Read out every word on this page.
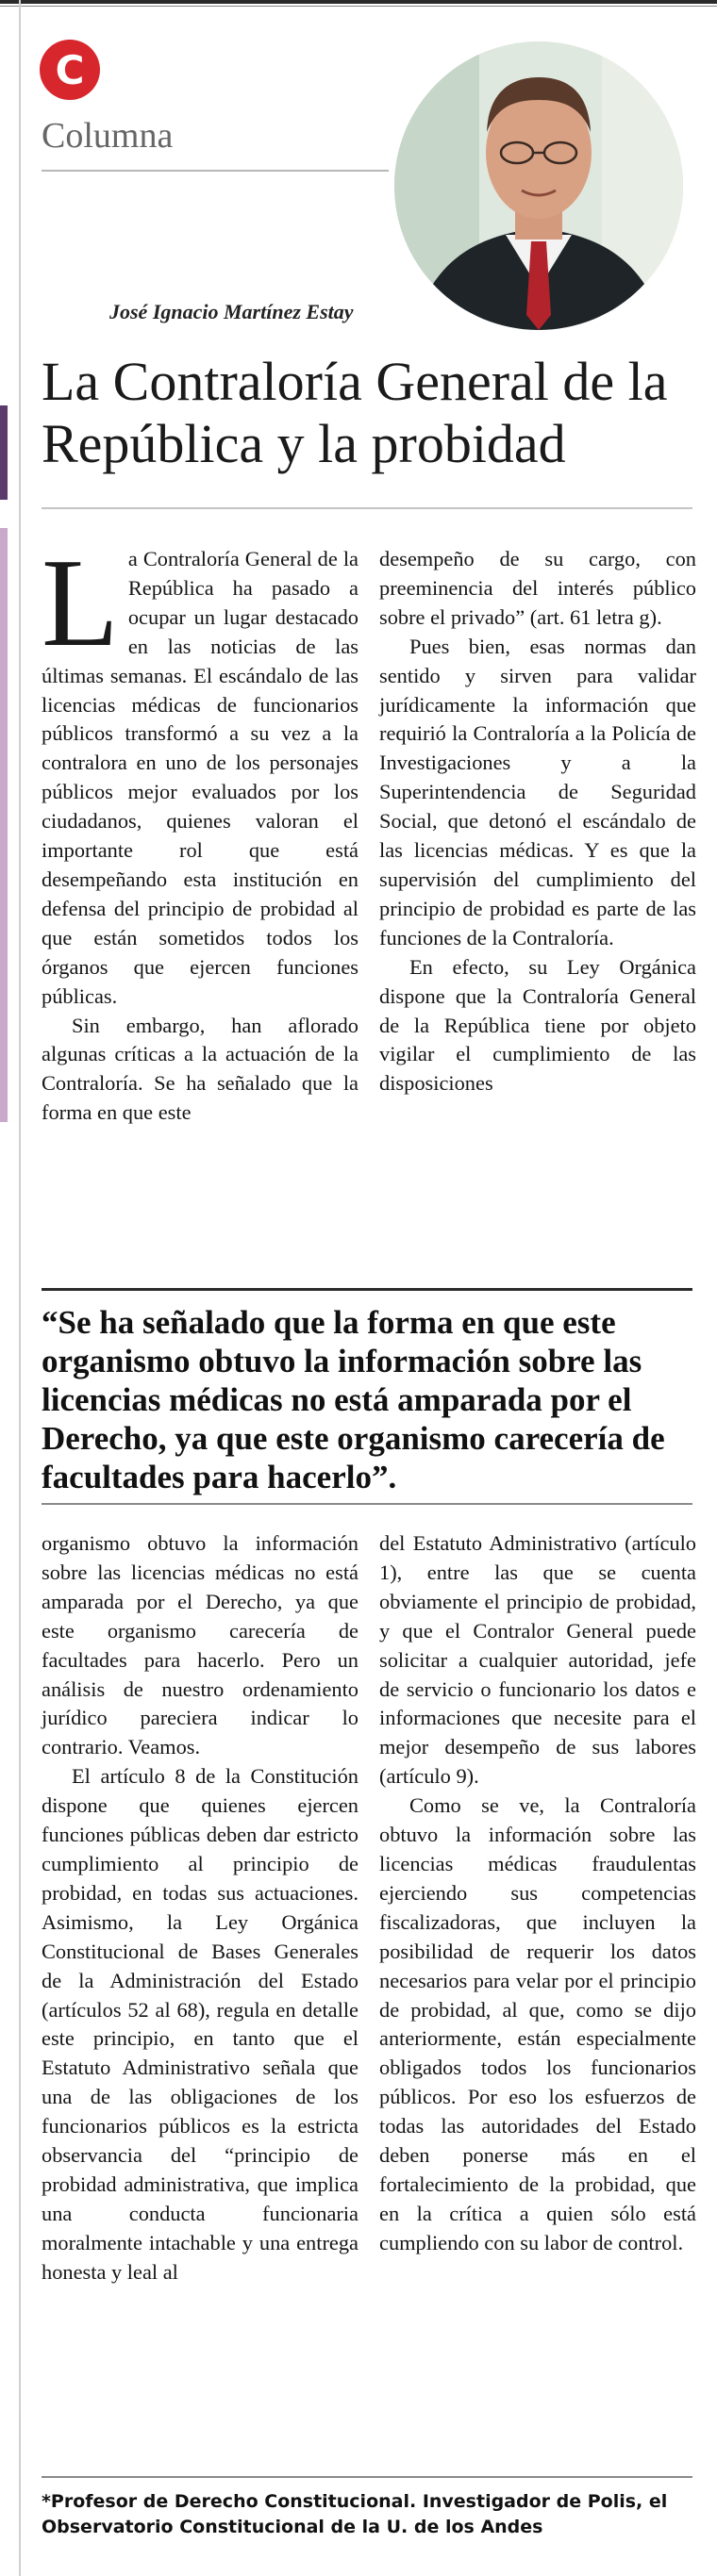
C
Columna
José Ignacio Martínez Estay
La Contraloría General de la República y la probidad
L a Contraloría General de la República ha pasado a ocupar un lugar destacado en las noticias de las últimas semanas. El escándalo de las licencias médicas de funcionarios públicos transformó a su vez a la contralora en uno de los personajes públicos mejor evaluados por los ciudadanos, quienes valoran el importante rol que está desempeñando esta institución en defensa del principio de probidad al que están sometidos todos los órganos que ejercen funciones públicas.

Sin embargo, han aflorado algunas críticas a la actuación de la Contraloría. Se ha señalado que la forma en que este

desempeño de su cargo, con preeminencia del interés público sobre el privado” (art. 61 letra g).

Pues bien, esas normas dan sentido y sirven para validar jurídicamente la información que requirió la Contraloría a la Policía de Investigaciones y a la Superintendencia de Seguridad Social, que detonó el escándalo de las licencias médicas. Y es que la supervisión del cumplimiento del principio de probidad es parte de las funciones de la Contraloría.

En efecto, su Ley Orgánica dispone que la Contraloría General de la República tiene por objeto vigilar el cumplimiento de las disposiciones

“Se ha señalado que la forma en que este organismo obtuvo la información sobre las licencias médicas no está amparada por el Derecho, ya que este organismo carecería de facultades para hacerlo”.

organismo obtuvo la información sobre las licencias médicas no está amparada por el Derecho, ya que este organismo carecería de facultades para hacerlo. Pero un análisis de nuestro ordenamiento jurídico pareciera indicar lo contrario. Veamos.

El artículo 8 de la Constitución dispone que quienes ejercen funciones públicas deben dar estricto cumplimiento al principio de probidad, en todas sus actuaciones. Asimismo, la Ley Orgánica Constitucional de Bases Generales de la Administración del Estado (artículos 52 al 68), regula en detalle este principio, en tanto que el Estatuto Administrativo señala que una de las obligaciones de los funcionarios públicos es la estricta observancia del “principio de probidad administrativa, que implica una conducta funcionaria moralmente intachable y una entrega honesta y leal al

del Estatuto Administrativo (artículo 1), entre las que se cuenta obviamente el principio de probidad, y que el Contralor General puede solicitar a cualquier autoridad, jefe de servicio o funcionario los datos e informaciones que necesite para el mejor desempeño de sus labores (artículo 9).

Como se ve, la Contraloría obtuvo la información sobre las licencias médicas fraudulentas ejerciendo sus competencias fiscalizadoras, que incluyen la posibilidad de requerir los datos necesarios para velar por el principio de probidad, al que, como se dijo anteriormente, están especialmente obligados todos los funcionarios públicos. Por eso los esfuerzos de todas las autoridades del Estado deben ponerse más en el fortalecimiento de la probidad, que en la crítica a quien sólo está cumpliendo con su labor de control.

*Profesor de Derecho Constitucional. Investigador de Polis, el Observatorio Constitucional de la U. de los Andes
